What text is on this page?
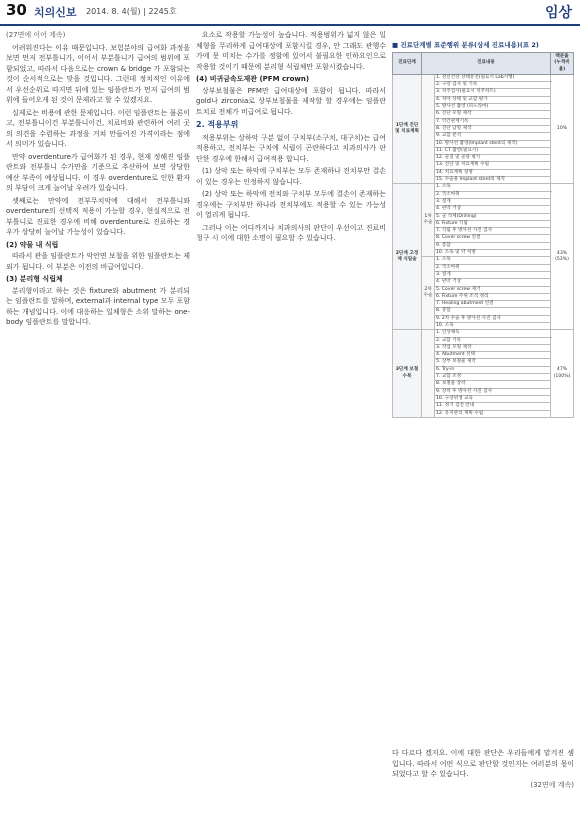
30 치의신보 2014. 8. 4(월) | 2245호	임상

(27면에 이어 계속)

어려워진다는 이유 때문입니다. 보험분야의 급여화 과정을 보면 먼저 전부틀니가, 이어서 부분틀니가 급여의 범위에 포함되었고, 따라서 다음으로는 crown & bridge 가 포함되는 것이 순서적으로는 맞을 것입니다. 그런데 정치적인 이유에서 우선순위로 따지면 뒤에 있는 임플란트가 먼저 급여의 범위에 들어오게 된 것이 문제라고 할 수 있겠지요.

실제로는 비용에 관한 문제입니다. 이런 임플란트는 물론이고, 전부틀니이건 부분틀니이건, 치료비와 관련하여 여러 곳의 의견을 수렴하는 과정을 거쳐 만들어진 가격이라는 점에서 의미가 있습니다.

만약 overdenture가 급여화가 된 경우, 현재 정해진 임플란트와 전부틀니 수가만을 기준으로 추산하여 보면 상당한 예산 부족이 예상됩니다. 이 경우 overdenture로 인한 환자의 부담이 크게 늘어날 우려가 있습니다.

셋째로는 만약에 전부무치악에 대해서 전부틀니와 overdenture의 선택적 적용이 가능할 경우, 현실적으로 전부틀니로 진료한 경우에 비해 overdenture로 진료하는 경우가 상당히 늘어날 가능성이 있습니다.

(2) 약물 내 식립

따라서 관을 임플란트가 악안면 보철을 위한 임플란트는 제외가 됩니다. 이 부분은 이전의 비급여입니다.

(3) 분리형 식립체

분리형이라고 하는 것은 fixture와 abutment 가 분리되는 임플란트를 말하며, external과 internal type 모두 포함하는 개념입니다. 이에 대응하는 일체형은 소위 말하는 one-body 임플란트를 말합니다.

요소로 작용할 가능성이 높습니다. 적용범위가 넓지 않은 일체형을 무리하게 급여대상에 포함시킬 경우, 안 그래도 관행수가에 못 미치는 수가를 정함에 있어서 불필요한 인하요인으로 작용할 것이기 때문에 분리형 식립체만 포함시켰습니다.

(4) 비귀금속도재관 (PFM crown)

상부보철물은 PFM만 급여대상에 포함이 됩니다. 따라서 gold나 zirconia로 상부보철물을 제작할 할 경우에는 임플란트치료 전체가 비급여로 됩니다.

2. 적용부위

적용부위는 상하악 구분 없이 구치부(소구치, 대구치)는 급여적용하고, 전치부는 구치에 식립이 곤란하다고 치과의사가 판단한 경우에 한해서 급여적용 합니다.

(1) 상악 또는 하악에 구치부는 모두 존재하나 전치부만 결손이 있는 경우는 인정하지 않습니다.

(2) 상악 또는 하악에 전치와 구치부 모두에 결손이 존재하는 경우에는 구치부만 하나라 전치부에도 적용할 수 있는 가능성이 열리게 됩니다.

그러나 이는 어디까지나 치과의사의 판단이 우선이고 진료비 청구 시 이에 대한 소명이 필요할 수 있습니다.

■ 진료단계별 표준행위 분류(상세 진료내용)(표 2)
진료단계	진료내용		백분율 (누적비율)
1단계 진단 및 치료계획		1. 전신건강 상태문진(필요시 Lab시행)	10%
		2. 구강 검사 및 기록	
		3. 치주검사(필요시 치주차트)	
		4. 치아 상태 및 교합 평가	
		5. 방사선 촬영 (파노라마)	
		6. 진단 모형 제작	
		7. 악간관계기록	
		8. 진단 납형 제작	
		9. 교합 분석	
		10. 방사선 촬영(Implant stent의 제작)	
		11. CT 촬영(필요시)	
		12. 골질 및 골량 평가	
		13. 진단 및 치료계획 수립	
		14. 치료계획 설명	
		15. 수술용 Implant stent의 제작	
2단계 고정체 식립술	1차 수술	1. 소독	43% (53%)
		2. 국소마취	
		3. 절개	
		4. 판막 거상	
		5. 골 삭제(Drilling)	
		6. Fixture 식립	
		7. 식립 후 방사선 사진 검사	
		8. Cover screw 연결	
		9. 봉합	
		10. 소독 및 약 처방	
	2차 수술	1. 소독	
		2. 국소마취	
		3. 절개	
		4. 판막 거상	
		5. Cover screw 제거	
		6. Fixture 주위 조직 정리	
		7. Healing abutment 연결	
		8. 봉합	
		9. 2차 수술 후 방사선 사진 검사	
		10. 소독	
3단계 보철수복		1. 인상채득	47% (100%)
		2. 교합 기록	
		3. 작업 모형 제작	
		4. Abutment 선택	
		5. 상부 보철물 제작	
		6. Try-in	
		7. 교합 조정	
		8. 보철물 장착	
		9. 장착 후 방사선 사진 검사	
		10. 구강위생 교육	
		11. 정기 검진 안내	
		12. 유지관리 계획 수립	

다 다르다 겠지요. 이에 대한 판단은 우리들에게 맡겨진 셈입니다. 따라서 어떤 식으로 판단할 것인지는 여러분의 몫이 되었다고 할 수 있습니다.

(32면에 계속)
